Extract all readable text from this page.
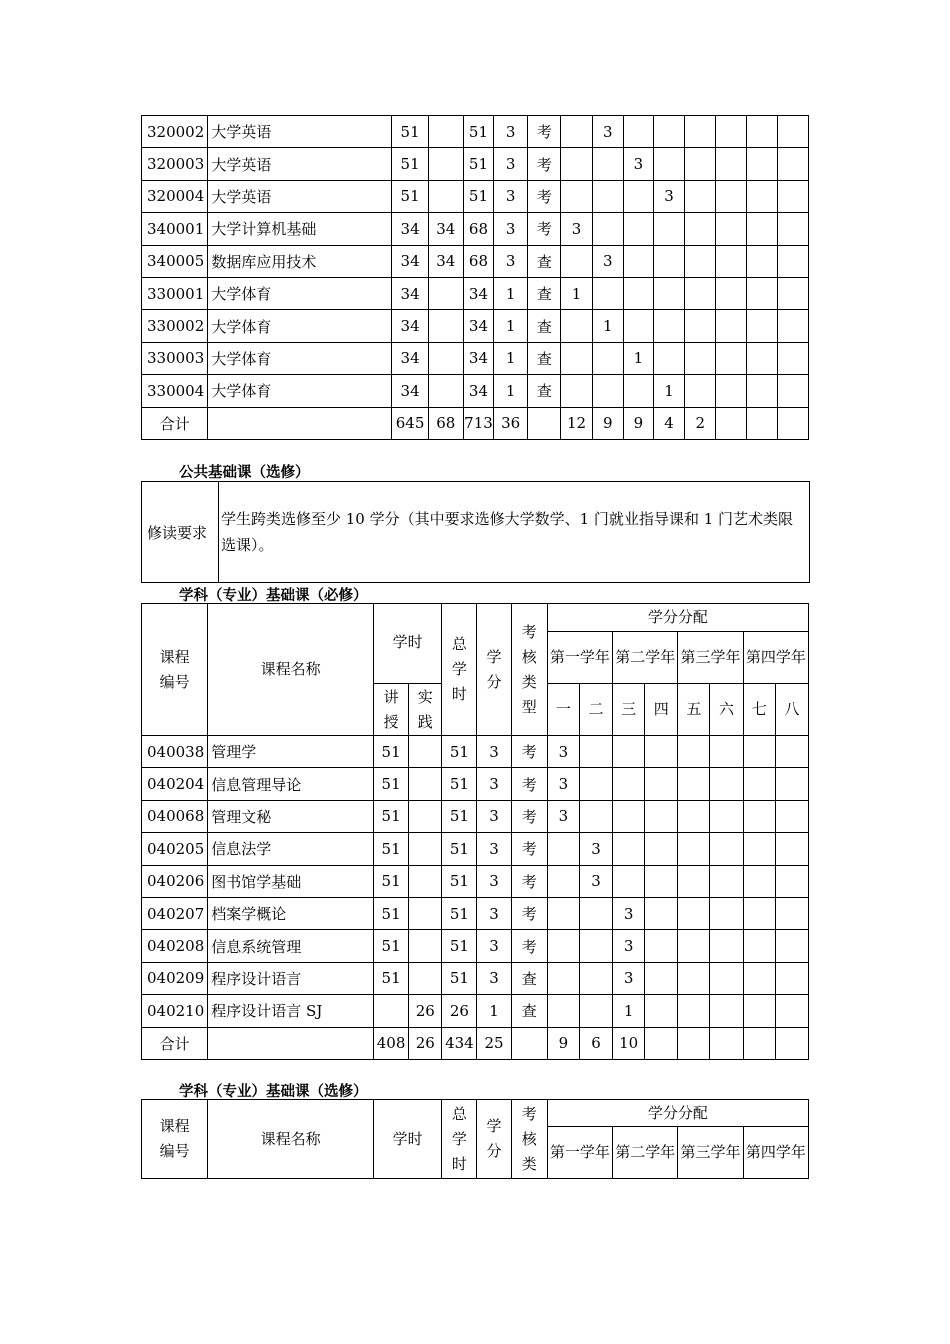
320002	大学英语	51		51	3	考		3						
320003	大学英语	51		51	3	考			3					
320004	大学英语	51		51	3	考				3				
340001	大学计算机基础	34	34	68	3	考	3							
340005	数据库应用技术	34	34	68	3	查		3						
330001	大学体育	34		34	1	查	1							
330002	大学体育	34		34	1	查		1						
330003	大学体育	34		34	1	查			1					
330004	大学体育	34		34	1	查				1				
合计		645	68	713	36		12	9	9	4	2			
公共基础课（选修）
修读要求	学生跨类选修至少 10 学分（其中要求选修大学数学、1 门就业指导课和 1 门艺术类限选课）。
学科（专业）基础课（必修）
课程编号	课程名称	学时		总学时	学分	考核类型	学分分配							
							第一学年		第二学年		第三学年		第四学年	
		讲授	实践				一	二	三	四	五	六	七	八
040038	管理学	51		51	3	考	3							
040204	信息管理导论	51		51	3	考	3							
040068	管理文秘	51		51	3	考	3							
040205	信息法学	51		51	3	考		3						
040206	图书馆学基础	51		51	3	考		3						
040207	档案学概论	51		51	3	考			3					
040208	信息系统管理	51		51	3	考			3					
040209	程序设计语言	51		51	3	查			3					
040210	程序设计语言 SJ		26	26	1	查			1					
合计		408	26	434	25		9	6	10					
学科（专业）基础课（选修）
课程编号	课程名称	学时	总学时	学分	考核类	学分分配			
						第一学年	第二学年	第三学年	第四学年
